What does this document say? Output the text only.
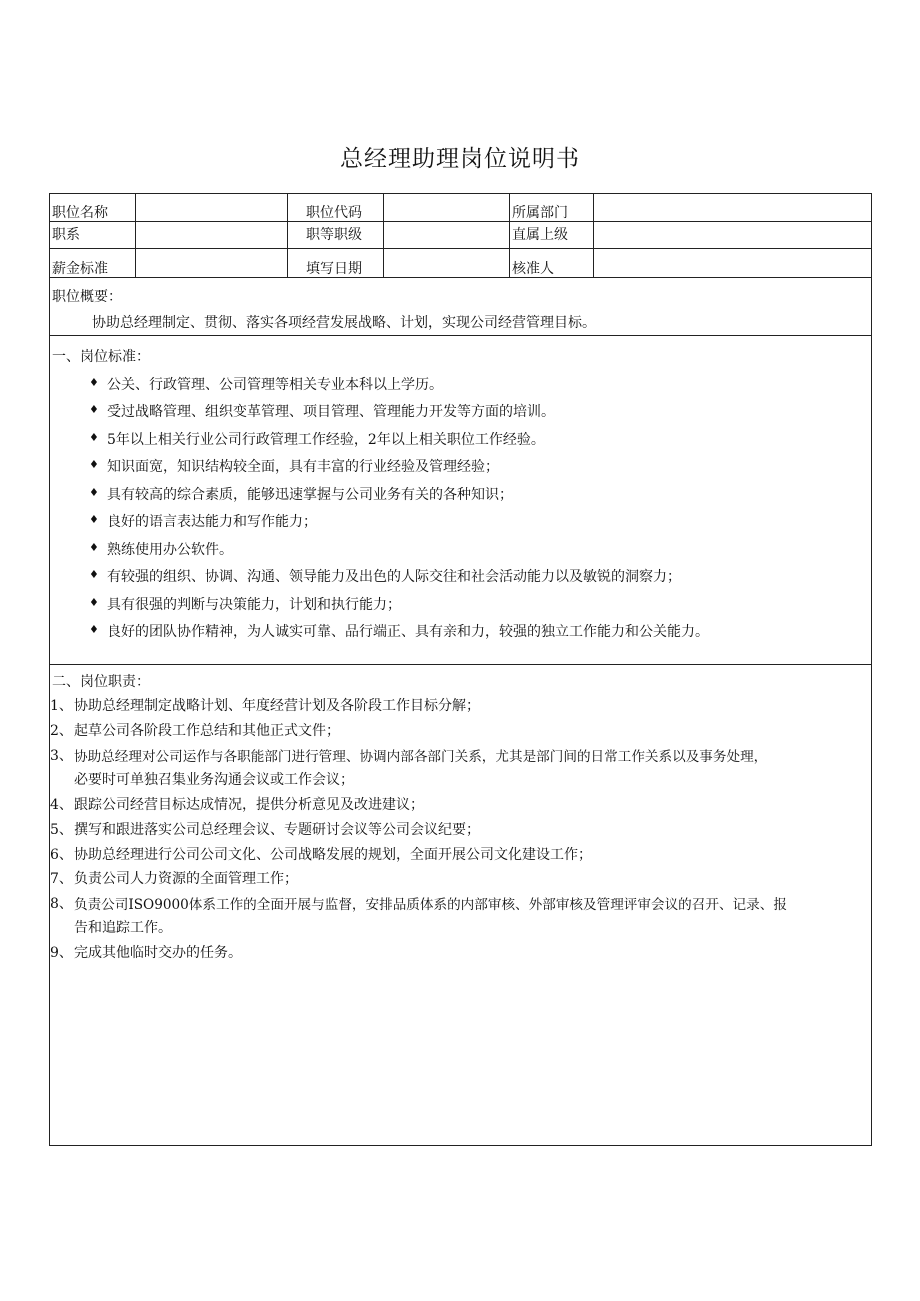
总经理助理岗位说明书
职位名称	职位代码	所属部门
职系	职等职级	直属上级
薪金标准	填写日期	核准人
职位概要：
协助总经理制定、贯彻、落实各项经营发展战略、计划，实现公司经营管理目标。
一、岗位标准：
♦ 公关、行政管理、公司管理等相关专业本科以上学历。
♦ 受过战略管理、组织变革管理、项目管理、管理能力开发等方面的培训。
♦ 5年以上相关行业公司行政管理工作经验，2年以上相关职位工作经验。
♦ 知识面宽，知识结构较全面，具有丰富的行业经验及管理经验；
♦ 具有较高的综合素质，能够迅速掌握与公司业务有关的各种知识；
♦ 良好的语言表达能力和写作能力；
♦ 熟练使用办公软件。
♦ 有较强的组织、协调、沟通、领导能力及出色的人际交往和社会活动能力以及敏锐的洞察力；
♦ 具有很强的判断与决策能力，计划和执行能力；
♦ 良好的团队协作精神，为人诚实可靠、品行端正、具有亲和力，较强的独立工作能力和公关能力。
二、岗位职责：
1、 协助总经理制定战略计划、年度经营计划及各阶段工作目标分解；
2、 起草公司各阶段工作总结和其他正式文件；
3、 协助总经理对公司运作与各职能部门进行管理、协调内部各部门关系，尤其是部门间的日常工作关系以及事务处理，
必要时可单独召集业务沟通会议或工作会议；
4、 跟踪公司经营目标达成情况，提供分析意见及改进建议；
5、 撰写和跟进落实公司总经理会议、专题研讨会议等公司会议纪要；
6、 协助总经理进行公司公司文化、公司战略发展的规划，全面开展公司文化建设工作；
7、 负责公司人力资源的全面管理工作；
8、 负责公司ISO9000体系工作的全面开展与监督，安排品质体系的内部审核、外部审核及管理评审会议的召开、记录、报
告和追踪工作。
9、 完成其他临时交办的任务。
